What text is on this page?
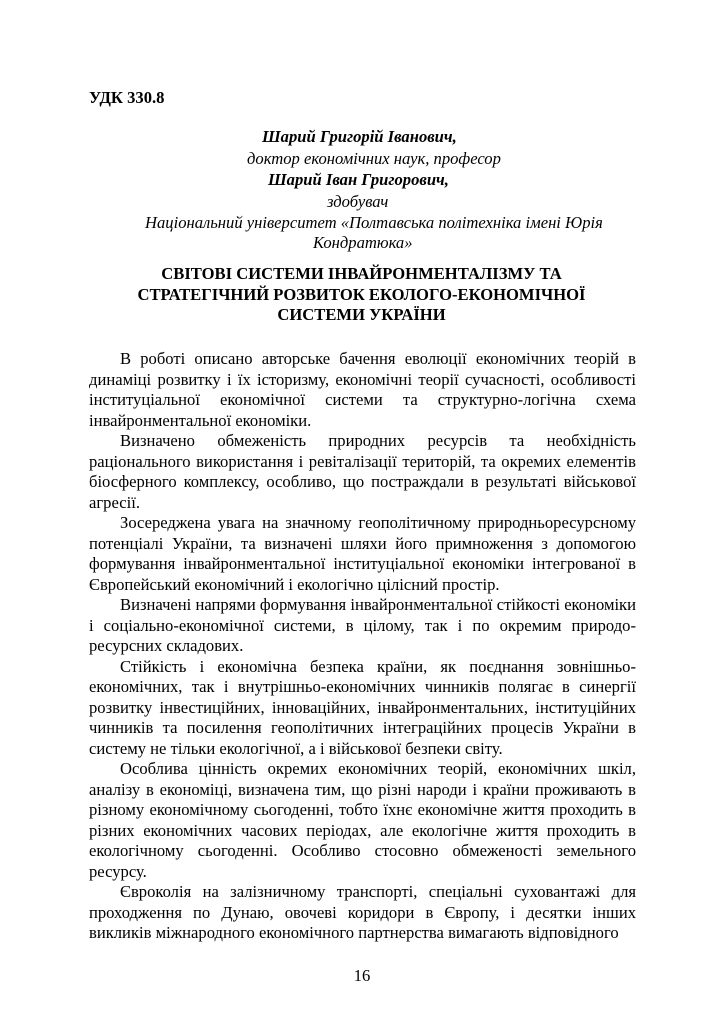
УДК 330.8
Шарий Григорій Іванович,
доктор економічних наук, професор
Шарий Іван Григорович,
здобувач
Національний університет «Полтавська політехніка імені Юрія
Кондратюка»
СВІТОВІ СИСТЕМИ ІНВАЙРОНМЕНТАЛІЗМУ ТА
СТРАТЕГІЧНИЙ РОЗВИТОК ЕКОЛОГО-ЕКОНОМІЧНОЇ
СИСТЕМИ УКРАЇНИ

В роботі описано авторське бачення еволюції економічних теорій в динаміці розвитку і їх історизму, економічні теорії сучасності, особливості інституціальної економічної системи та структурно-логічна схема інвайронментальної економіки.

Визначено обмеженість природних ресурсів та необхідність раціонального використання і ревіталізації територій, та окремих елементів біосферного комплексу, особливо, що постраждали в результаті військової агресії.

Зосереджена увага на значному геополітичному природньоресурсному потенціалі України, та визначені шляхи його примноження з допомогою формування інвайронментальної інституціальної економіки інтегрованої в Європейський економічний і екологічно цілісний простір.

Визначені напрями формування інвайронментальної стійкості економіки і соціально-економічної системи, в цілому, так і по окремим природо-ресурсних складових.

Стійкість і економічна безпека країни, як поєднання зовнішньо-економічних, так і внутрішньо-економічних чинників полягає в синергії розвитку інвестиційних, інноваційних, інвайронментальних, інституційних чинників та посилення геополітичних інтеграційних процесів України в систему не тільки екологічної, а і військової безпеки світу.

Особлива цінність окремих економічних теорій, економічних шкіл, аналізу в економіці, визначена тим, що різні народи і країни проживають в різному економічному сьогоденні, тобто їхнє економічне життя проходить в різних економічних часових періодах, але екологічне життя проходить в екологічному сьогоденні. Особливо стосовно обмеженості земельного ресурсу.

Євроколія на залізничному транспорті, спеціальні суховантажі для проходження по Дунаю, овочеві коридори в Європу, і десятки інших викликів міжнародного економічного партнерства вимагають відповідного

16
